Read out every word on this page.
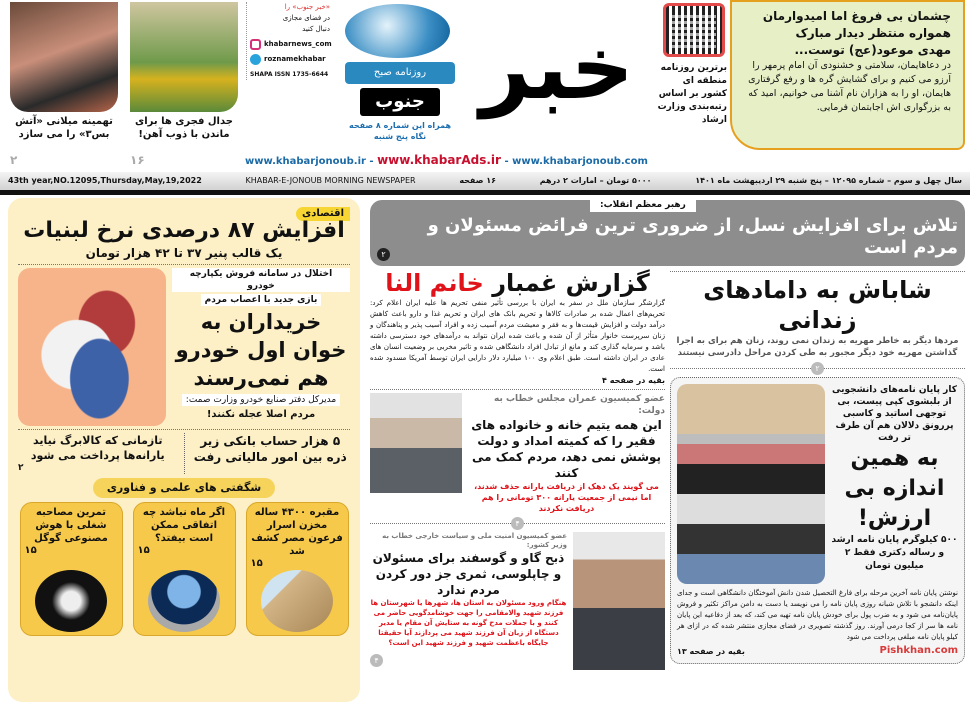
تهمینه میلانی «آتش بس۳» را می سازد
جدال فجری ها برای ماندن با ذوب آهن!
۲	۱۶
«خبر جنوب» را
در فضای مجازی
دنبال کنید
khabarnews_com
roznamekhabar
SHAPA ISSN 1735-6644	روزنامه صبح
جنوب
همراه این شماره ۸ صفحه نگاه پنج شنبه
خبر	برترین روزنامه منطقه ای کشور بر اساس رتبه‌بندی وزارت ارشاد
چشمان بی فروغ اما امیدوارمان
همواره منتظر دیدار مبارک
مهدی موعود(عج) توست...
در دعاهایمان، سلامتی و خشنودی آن امام پرمهر را آرزو می کنیم و برای گشایش گره ها و رفع گرفتاری هایمان، او را به هزاران نام آشنا می خوانیم، امید که به بزرگواری اش اجابتمان فرمایی.
www.khabarjonoub.ir - www.khabarAds.ir - www.khabarjonoub.com
43th year,NO.12095,Thursday,May,19,2022	KHABAR-E-JONOUB MORNING NEWSPAPER	۱۶ صفحه	۵۰۰۰ تومان – امارات ۲ درهم	سال چهل و سوم – شماره ۱۲۰۹۵ – پنج شنبه ۲۹ اردیبهشت ماه ۱۴۰۱
اقتصادی
افزایش ۸۷ درصدی نرخ لبنیات
یک قالب پنیر ۳۷ تا ۴۲ هزار تومان
اختلال در سامانه فروش یکپارچه خودرو
بازی جدید با اعصاب مردم
خریداران به خوان اول خودرو هم نمی‌رسند
مدیرکل دفتر صنایع خودرو وزارت صمت:
مردم اصلا عجله نکنند!
۵ هزار حساب بانکی زیر ذره بین امور مالیاتی رفت
تازمانی که کالابرگ نیاید یارانه‌ها پرداخت می شود
۲
شگفتی های علمی و فناوری
تمرین مصاحبه شغلی با هوش مصنوعی گوگل
۱۵
اگر ماه نباشد چه اتفاقی ممکن است بیفتد؟
۱۵
مقبره ۴۳۰۰ ساله مخزن اسرار فرعون مصر کشف شد
۱۵
رهبر معظم انقلاب:
تلاش برای افزایش نسل، از ضروری ترین فرائض مسئولان و مردم است
۲
گزارش غمبار خانم النا
گزارشگر سازمان ملل در سفر به ایران با بررسی تأثیر منفی تحریم ها علیه ایران اعلام کرد: تحریم‌های اعمال شده بر صادرات کالاها و تحریم بانک های ایران و تحریم غذا و دارو باعث کاهش درآمد دولت و افزایش قیمت‌ها و به فقر و معیشت مردم آسیب زده و افراد آسیب پذیر و پناهندگان و زنان سرپرست خانوار متأثر از آن شده و باعث شده ایران نتواند به درآمدهای خود دسترسی داشته باشد و سرمایه گذاری کند و مانع از تبادل افراد دانشگاهی شده و تاثیر مخربی بر وضعیت انسان های عادی در ایران داشته است. طبق اعلام وی ۱۰۰ میلیارد دلار دارایی ایران توسط آمریکا مسدود شده است.
بقیه در صفحه ۴
عضو کمیسیون عمران مجلس خطاب به دولت:
این همه یتیم خانه و خانواده های فقیر را که کمیته امداد و دولت پوشش نمی دهد، مردم کمک می کنند
می گویند یک دهک از دریافت یارانه حذف شدند، اما نیمی از جمعیت یارانه ۳۰۰ تومانی را هم دریافت نکردند
۴
عضو کمیسیون امنیت ملی و سیاست خارجی خطاب به وزیر کشور:
ذبح گاو و گوسفند برای مسئولان و چاپلوسی، ثمری جز دور کردن مردم ندارد
هنگام ورود مسئولان به استان ها، شهرها یا شهرستان ها فرزند شهید والامقامی را جهت خوشامدگویی حاضر می کنند و با جملات مدح گونه به ستایش آن مقام یا مدیر دستگاه از زبان آن فرزند شهید می پردازند آیا حقیقتا جایگاه باعظمت شهید و فرزند شهید این است؟
۴
شاباش به دامادهای زندانی
مردها دیگر به خاطر مهریه به زندان نمی روند، زنان هم برای به اجرا گذاشتن مهریه خود دیگر مجبور به طی کردن مراحل دادرسی نیستند
۲
کار پایان نامه‌های دانشجویی از بلبشوی کپی پیست، بی توجهی اساتید و کاسبی پررونق دلالان هم آن طرف تر رفت
به همین اندازه بی ارزش!
۵۰۰ کیلوگرم پایان نامه ارشد و رساله دکتری فقط ۲ میلیون تومان
نوشتن پایان نامه آخرین مرحله برای فارغ التحصیل شدن دانش آموختگان دانشگاهی است و جدای اینکه دانشجو با تلاش شبانه روزی پایان نامه را می نویسد یا دست به دامن مراکز تکثیر و فروش پایان‌نامه می شود و به ضرب پول برای خودش پایان نامه تهیه می کند، که بعد از دفاعیه این پایان نامه ها سر از کجا درمی آورند. روز گذشته تصویری در فضای مجازی منتشر شده که در ازای هر کیلو پایان نامه مبلغی پرداخت می شود
بقیه در صفحه ۱۳	Pishkhan.com
